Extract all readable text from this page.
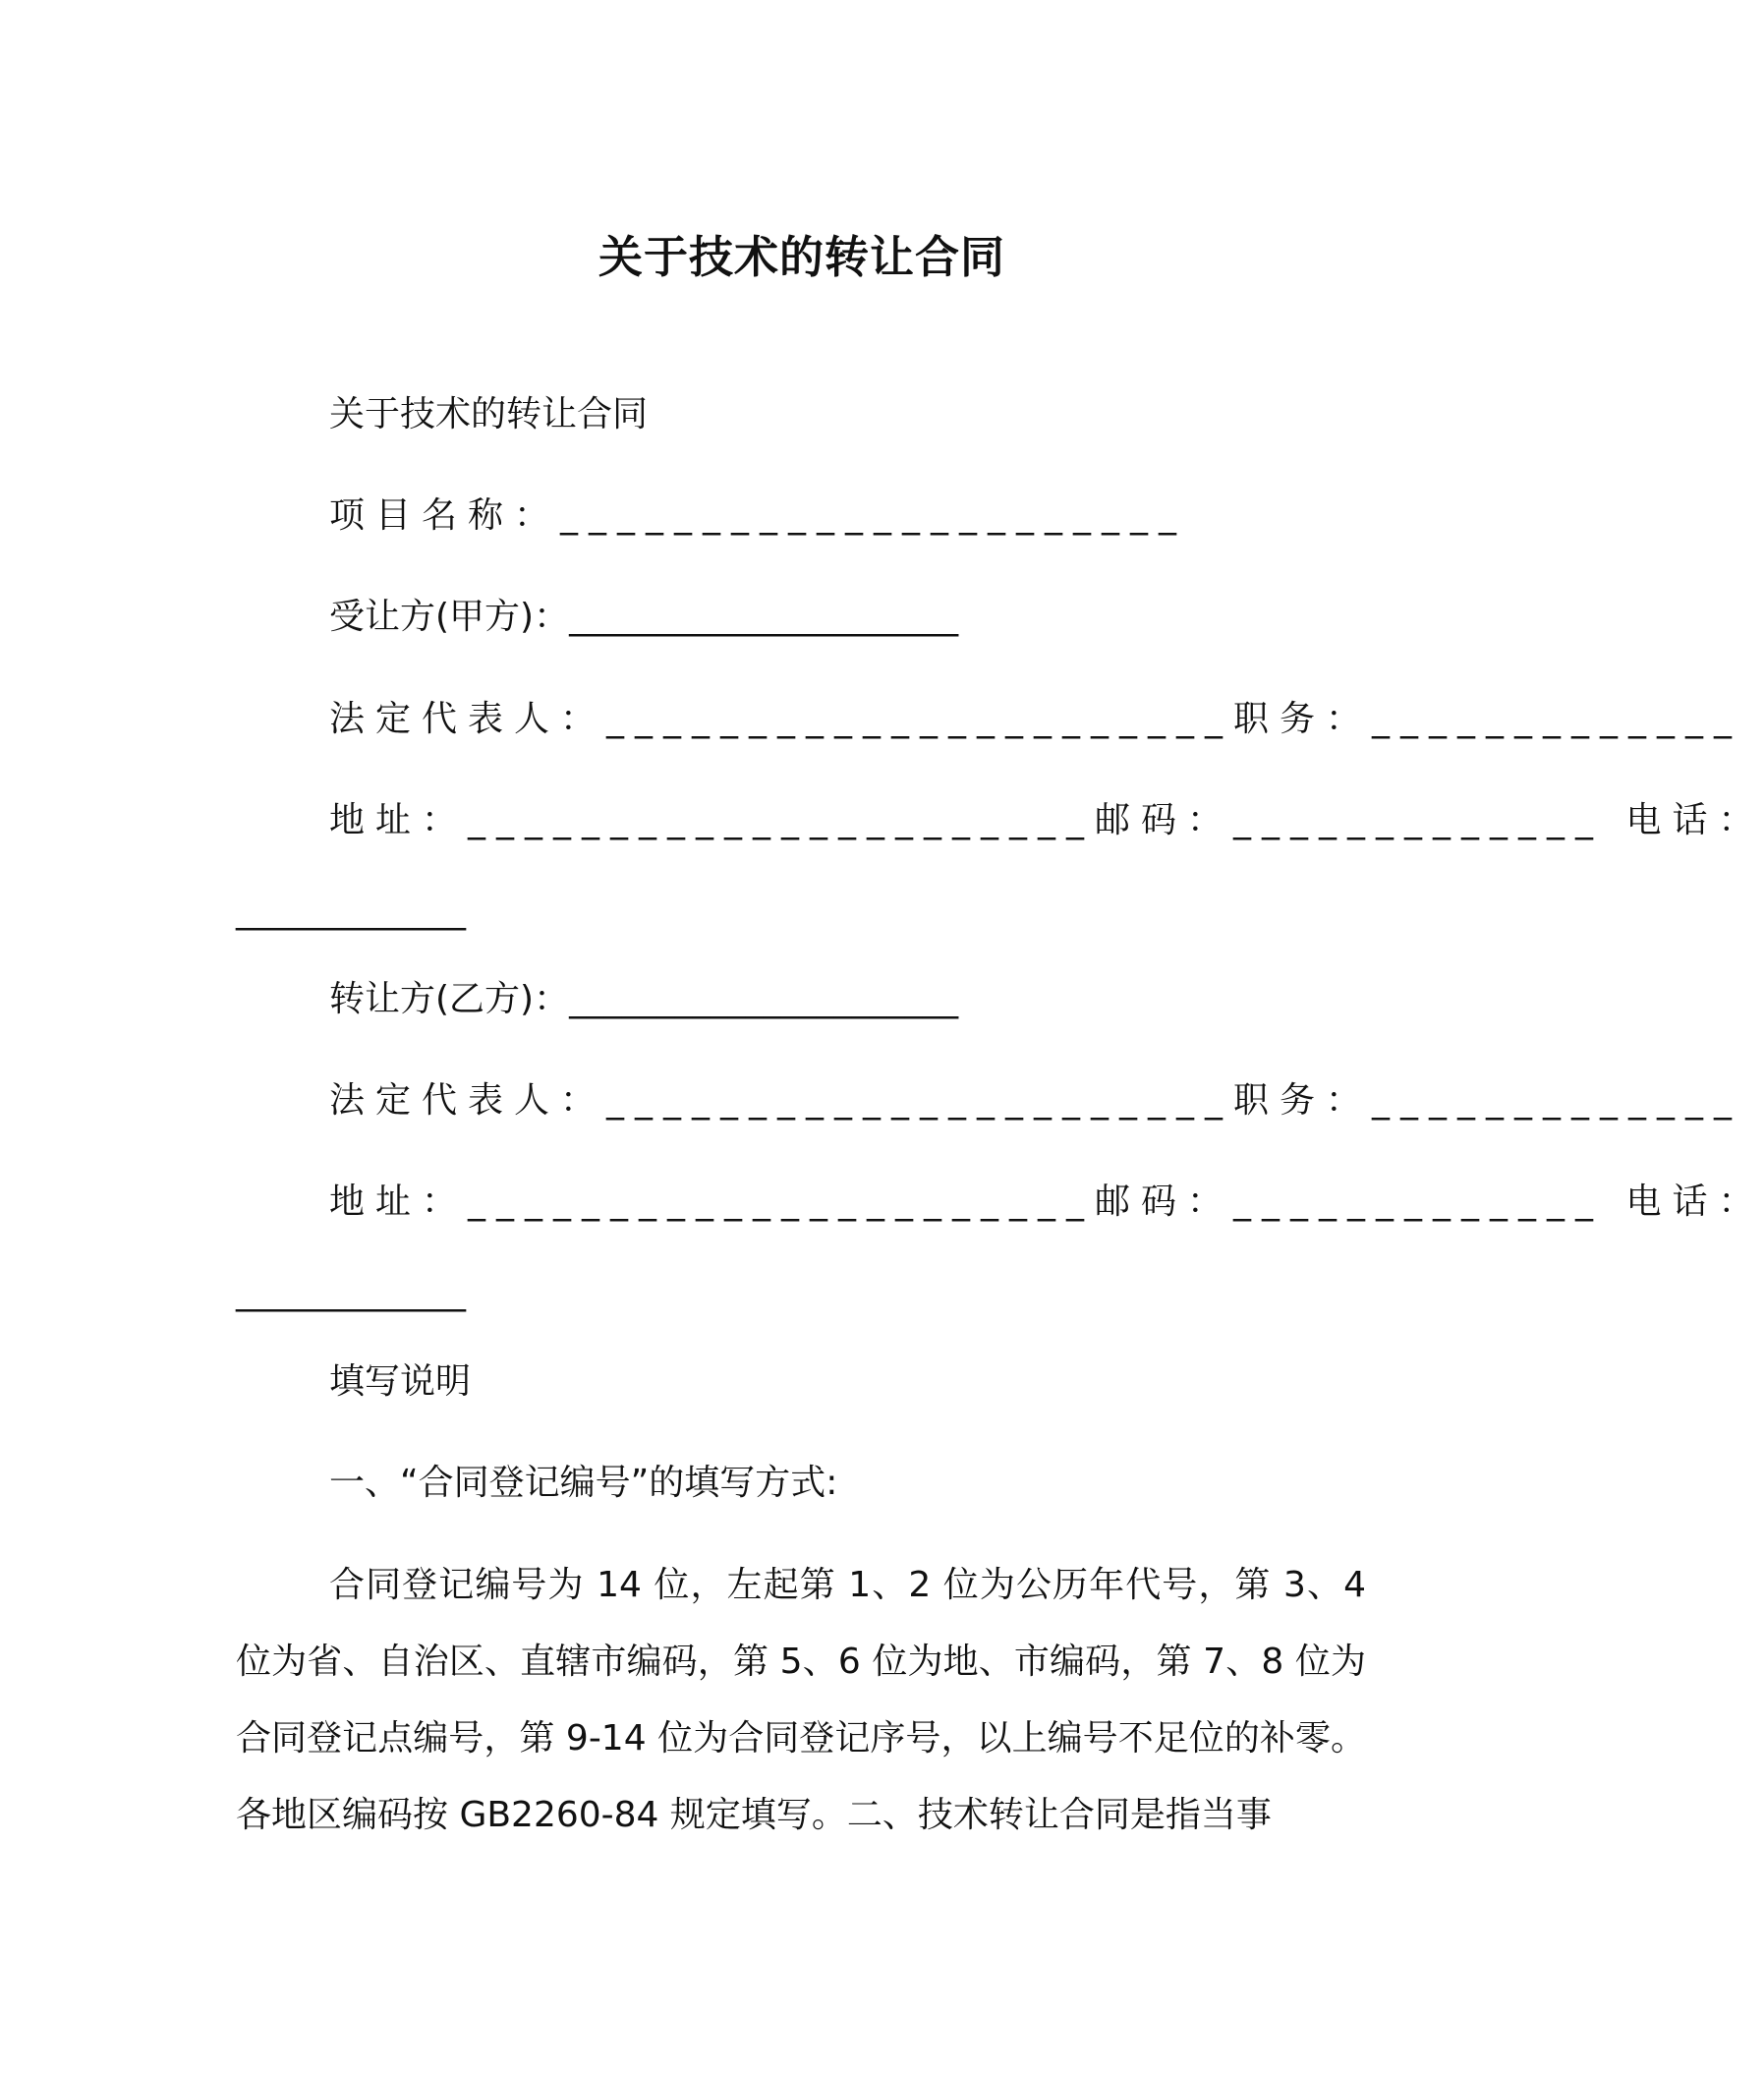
关于技术的转让合同
关于技术的转让合同
项目名称：______________________
受让方(甲方)：______________________
法定代表人：______________________职务：_____________
地址：______________________邮码：_____________ 电话：
_____________
转让方(乙方)：______________________
法定代表人：______________________职务：_____________
地址：______________________邮码：_____________ 电话：
_____________
填写说明
一、“合同登记编号”的填写方式:
合同登记编号为 14 位，左起第 1、2 位为公历年代号，第 3、4 位为省、自治区、直辖市编码，第 5、6 位为地、市编码，第 7、8 位为合同登记点编号，第 9-14 位为合同登记序号，以上编号不足位的补零。各地区编码按 GB2260-84 规定填写。二、技术转让合同是指当事
